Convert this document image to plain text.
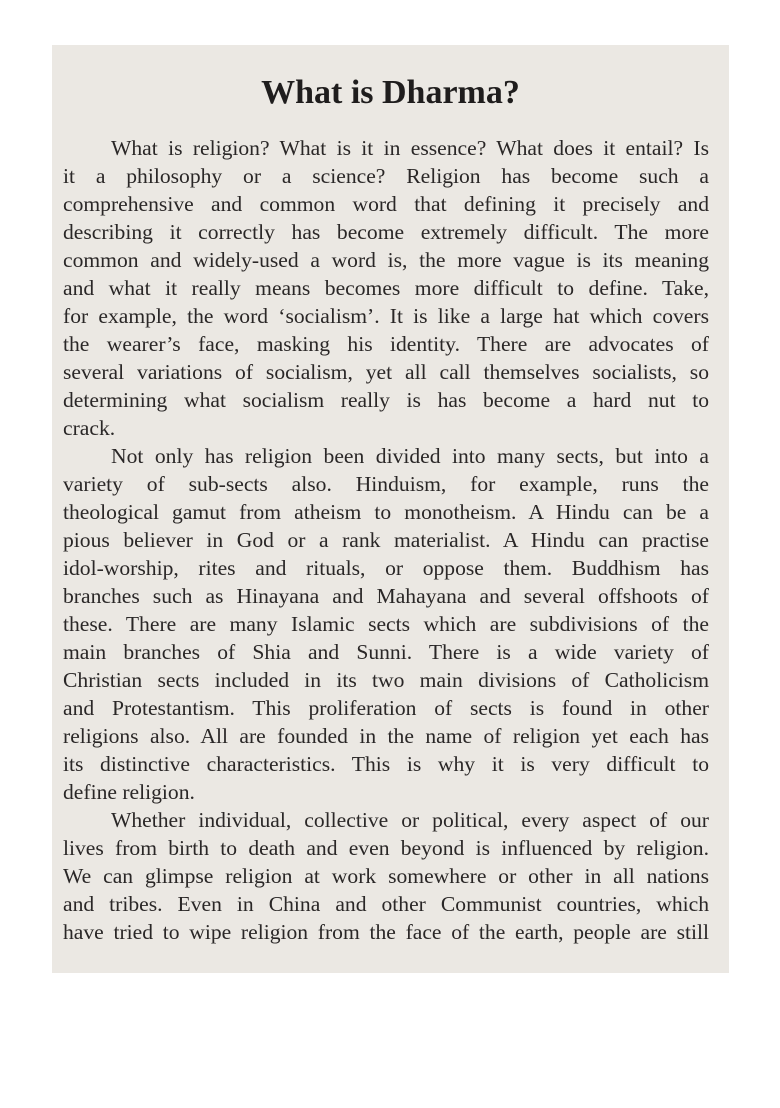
What is Dharma?
What is religion? What is it in essence? What does it entail? Is
it a philosophy or a science? Religion has become such a
comprehensive and common word that defining it precisely and
describing it correctly has become extremely difficult. The more
common and widely-used a word is, the more vague is its meaning
and what it really means becomes more difficult to define. Take,
for example, the word ‘socialism’. It is like a large hat which covers
the wearer’s face, masking his identity. There are advocates of
several variations of socialism, yet all call themselves socialists, so
determining what socialism really is has become a hard nut to
crack.
Not only has religion been divided into many sects, but into a
variety of sub-sects also. Hinduism, for example, runs the
theological gamut from atheism to monotheism. A Hindu can be a
pious believer in God or a rank materialist. A Hindu can practise
idol-worship, rites and rituals, or oppose them. Buddhism has
branches such as Hinayana and Mahayana and several offshoots of
these. There are many Islamic sects which are subdivisions of the
main branches of Shia and Sunni. There is a wide variety of
Christian sects included in its two main divisions of Catholicism
and Protestantism. This proliferation of sects is found in other
religions also. All are founded in the name of religion yet each has
its distinctive characteristics. This is why it is very difficult to
define religion.
Whether individual, collective or political, every aspect of our
lives from birth to death and even beyond is influenced by religion.
We can glimpse religion at work somewhere or other in all nations
and tribes. Even in China and other Communist countries, which
have tried to wipe religion from the face of the earth, people are still
